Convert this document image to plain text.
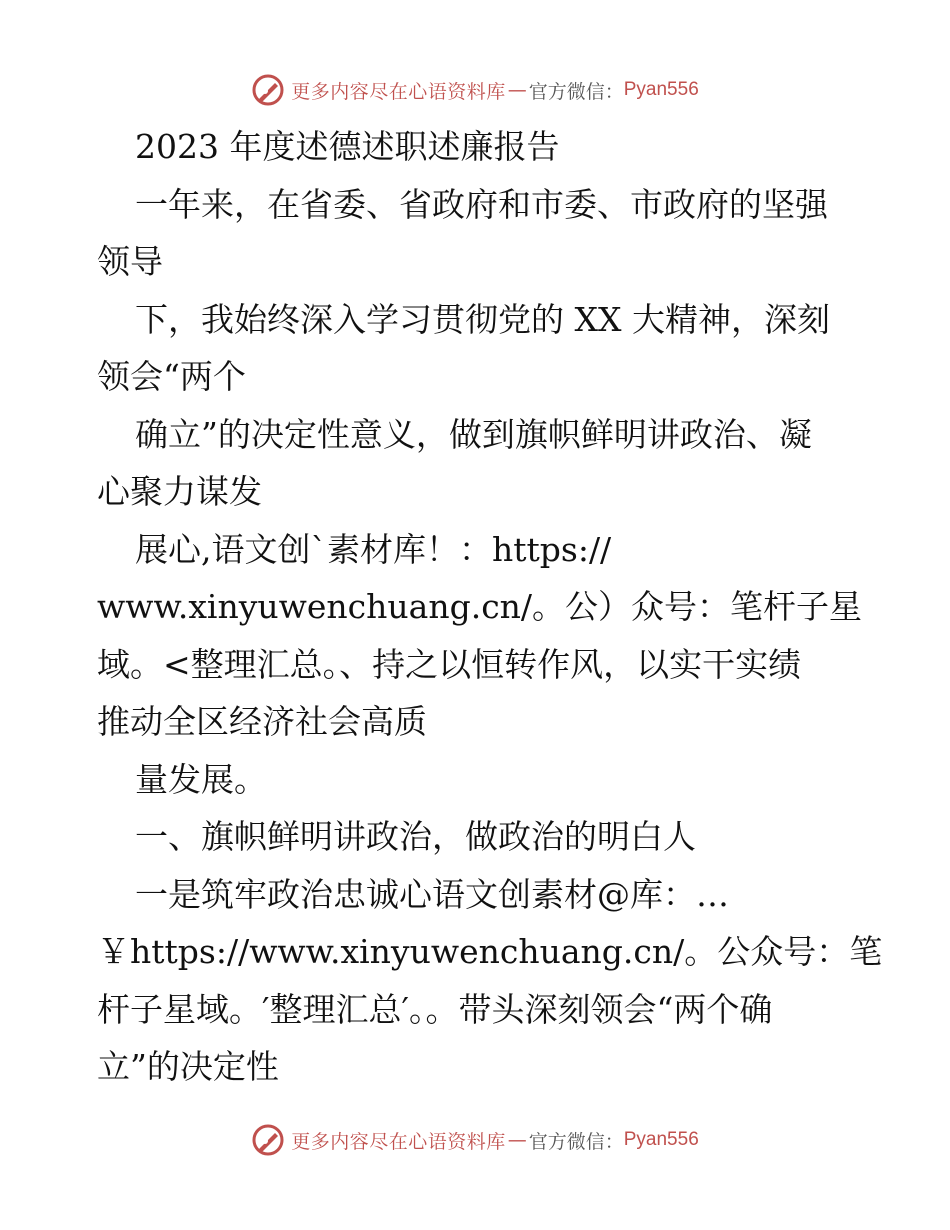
更多内容尽在心语资料库 — 官方微信： Pyan556
2023 年度述德述职述廉报告
一年来，在省委、省政府和市委、市政府的坚强
领导
下，我始终深入学习贯彻党的 XX 大精神，深刻
领会“两个
确立”的决定性意义，做到旗帜鲜明讲政治、凝
心聚力谋发
展心,语文创`素材库！：https://
www.xinyuwenchuang.cn/。公）众号：笔杆子星
域。<整理汇总。、持之以恒转作风，以实干实绩
推动全区经济社会高质
量发展。
一、旗帜鲜明讲政治，做政治的明白人
一是筑牢政治忠诚心语文创素材@库：…
￥https://www.xinyuwenchuang.cn/。公众号：笔
杆子星域。′整理汇总′。。带头深刻领会“两个确
立”的决定性
更多内容尽在心语资料库 — 官方微信： Pyan556
